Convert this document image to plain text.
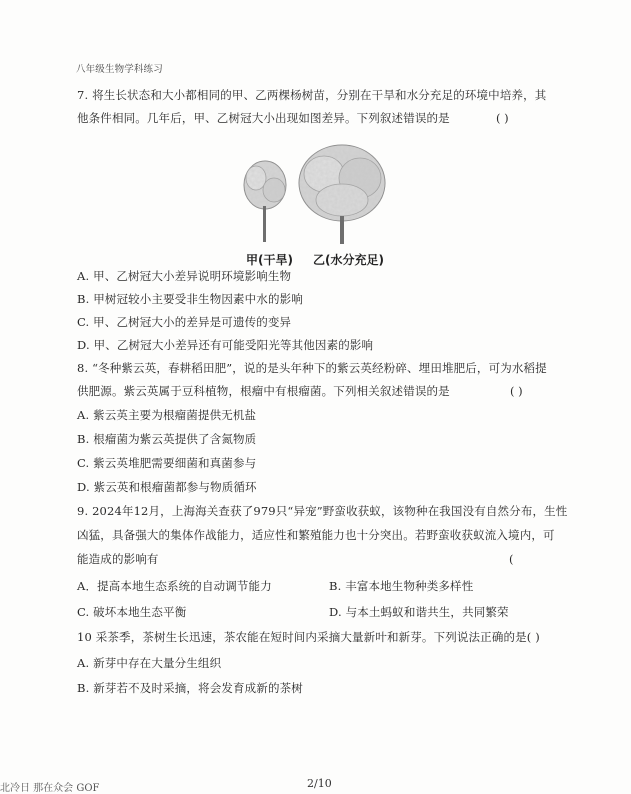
八年级生物学科练习
7. 将生长状态和大小都相同的甲、乙两棵杨树苗，分别在干旱和水分充足的环境中培养，其
他条件相同。几年后，甲、乙树冠大小出现如图差异。下列叙述错误的是	( )
甲(干旱) 乙(水分充足)
A. 甲、乙树冠大小差异说明环境影响生物
B. 甲树冠较小主要受非生物因素中水的影响
C. 甲、乙树冠大小的差异是可遗传的变异
D. 甲、乙树冠大小差异还有可能受阳光等其他因素的影响
8. “冬种紫云英，春耕稻田肥”，说的是头年种下的紫云英经粉碎、埋田堆肥后，可为水稻提
供肥源。紫云英属于豆科植物，根瘤中有根瘤菌。下列相关叙述错误的是	( )
A. 紫云英主要为根瘤菌提供无机盐
B. 根瘤菌为紫云英提供了含氮物质
C. 紫云英堆肥需要细菌和真菌参与
D. 紫云英和根瘤菌都参与物质循环
9. 2024年12月，上海海关查获了979只“异宠”野蛮收获蚁，该物种在我国没有自然分布，生性
凶猛，具备强大的集体作战能力，适应性和繁殖能力也十分突出。若野蛮收获蚁流入境内，可
能造成的影响有	(
A．提高本地生态系统的自动调节能力	B. 丰富本地生物种类多样性
C. 破坏本地生态平衡	D. 与本土蚂蚁和谐共生，共同繁荣
10 采茶季，茶树生长迅速，茶农能在短时间内采摘大量新叶和新芽。下列说法正确的是( )
A. 新芽中存在大量分生组织
B. 新芽若不及时采摘，将会发育成新的茶树
北冷日 那在众会 GOF	2/10
